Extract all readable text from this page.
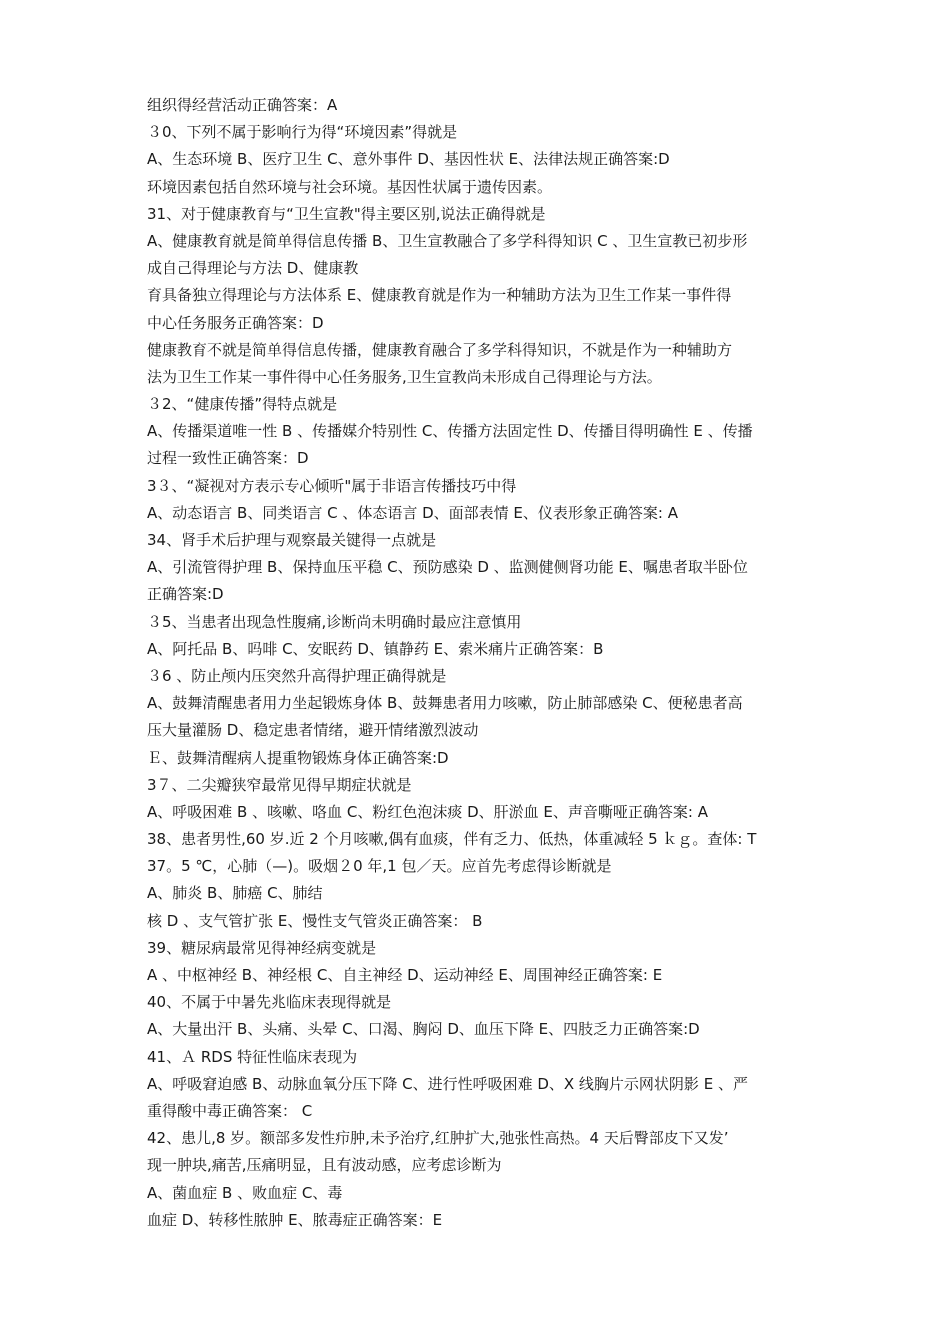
组织得经营活动正确答案：A
３0、下列不属于影响行为得“环境因素”得就是
A、生态环境 B、医疗卫生 C、意外事件 D、基因性状 E、法律法规正确答案:D
环境因素包括自然环境与社会环境。基因性状属于遗传因素。
31、对于健康教育与“卫生宣教"得主要区别,说法正确得就是
A、健康教育就是简单得信息传播 B、卫生宣教融合了多学科得知识 C 、卫生宣教已初步形
成自己得理论与方法 D、健康教
育具备独立得理论与方法体系 E、健康教育就是作为一种辅助方法为卫生工作某一事件得
中心任务服务正确答案：D
健康教育不就是简单得信息传播，健康教育融合了多学科得知识，不就是作为一种辅助方
法为卫生工作某一事件得中心任务服务,卫生宣教尚未形成自己得理论与方法。
３2、“健康传播”得特点就是
A、传播渠道唯一性 B 、传播媒介特别性 C、传播方法固定性 D、传播目得明确性 E 、传播
过程一致性正确答案：D
3３、“凝视对方表示专心倾听"属于非语言传播技巧中得
A、动态语言 B、同类语言 C 、体态语言 D、面部表情 E、仪表形象正确答案: A
34、肾手术后护理与观察最关键得一点就是
A、引流管得护理 B、保持血压平稳 C、预防感染 D 、监测健侧肾功能 E、嘱患者取半卧位
正确答案:D
３5、当患者出现急性腹痛,诊断尚未明确时最应注意慎用
A、阿托品 B、吗啡 C、安眠药 D、镇静药 E、索米痛片正确答案：B
３6 、防止颅内压突然升高得护理正确得就是
A、鼓舞清醒患者用力坐起锻炼身体 B、鼓舞患者用力咳嗽，防止肺部感染 C、便秘患者高
压大量灌肠 D、稳定患者情绪，避开情绪激烈波动
Ｅ、鼓舞清醒病人提重物锻炼身体正确答案:D
3７、二尖瓣狭窄最常见得早期症状就是
A、呼吸困难 B 、咳嗽、咯血 C、粉红色泡沫痰 D、肝淤血 E、声音嘶哑正确答案: A
38、患者男性,60 岁.近 2 个月咳嗽,偶有血痰，伴有乏力、低热，体重减轻 5 ｋｇ。查体: T
37。5 ℃，心肺（—)。吸烟２0 年,1 包／天。应首先考虑得诊断就是
A、肺炎 B、肺癌 C、肺结
核 D 、支气管扩张 E、慢性支气管炎正确答案： B
39、糖尿病最常见得神经病变就是
A 、中枢神经 B、神经根 C、自主神经 D、运动神经 E、周围神经正确答案: E
40、不属于中暑先兆临床表现得就是
A、大量出汗 B、头痛、头晕 C、口渴、胸闷 D、血压下降 E、四肢乏力正确答案:D
41、Ａ RDS 特征性临床表现为
A、呼吸窘迫感 B、动脉血氧分压下降 C、进行性呼吸困难 D、X 线胸片示网状阴影 E 、严
重得酸中毒正确答案： C
42、患儿,8 岁。额部多发性疖肿,未予治疗,红肿扩大,弛张性高热。4 天后臀部皮下又发’
现一肿块,痛苦,压痛明显，且有波动感，应考虑诊断为
A、菌血症 B 、败血症 C、毒
血症 D、转移性脓肿 E、脓毒症正确答案：E
